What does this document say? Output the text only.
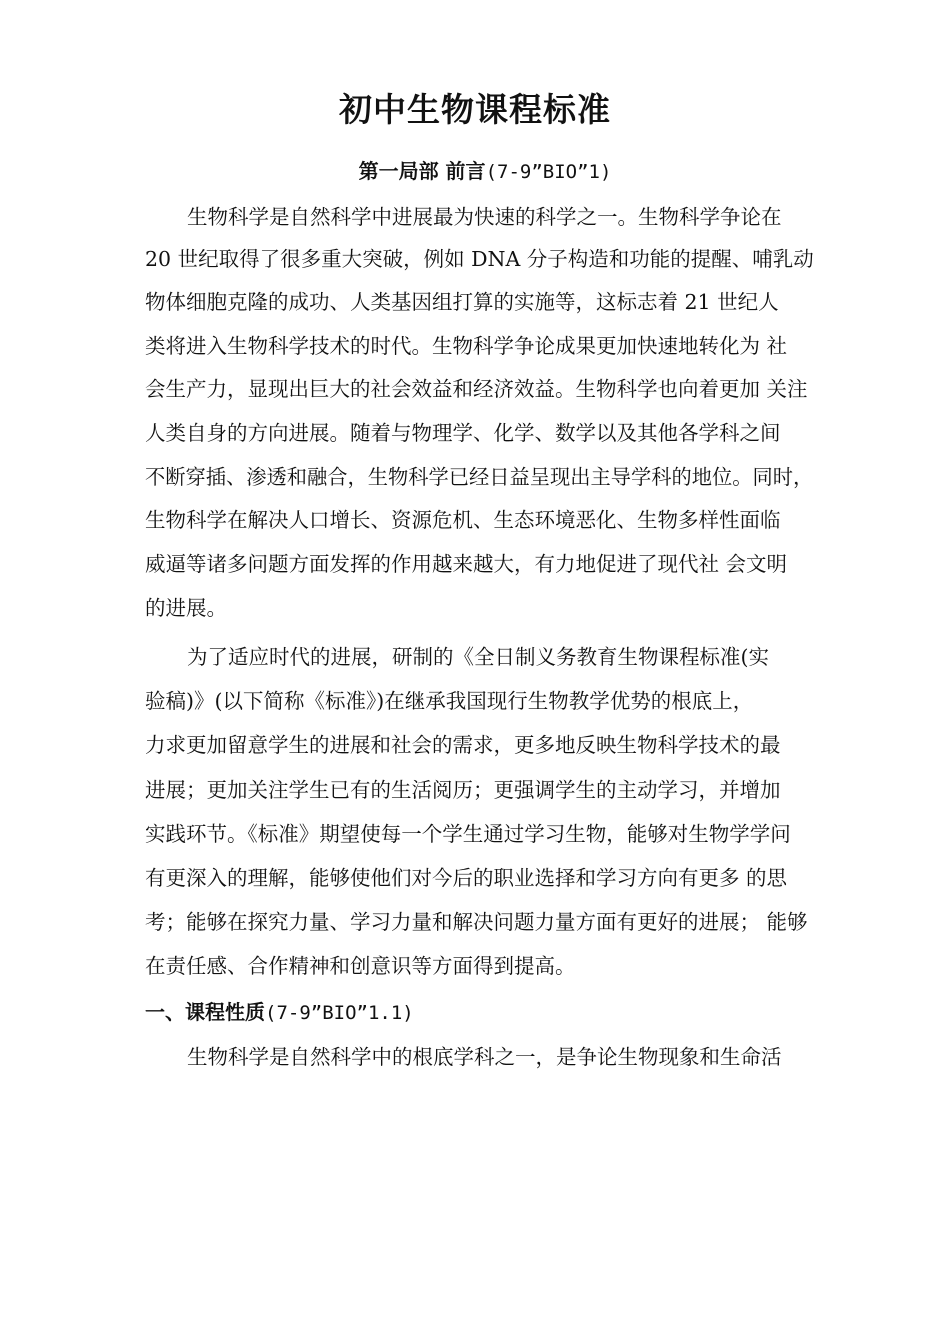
初中生物课程标准
第一局部 前言(7-9”BIO”1)
生物科学是自然科学中进展最为快速的科学之一。生物科学争论在
20 世纪取得了很多重大突破，例如 DNA 分子构造和功能的提醒、哺乳动
物体细胞克隆的成功、人类基因组打算的实施等，这标志着 21 世纪人
类将进入生物科学技术的时代。生物科学争论成果更加快速地转化为 社
会生产力，显现出巨大的社会效益和经济效益。生物科学也向着更加 关注
人类自身的方向进展。随着与物理学、化学、数学以及其他各学科之间
不断穿插、渗透和融合，生物科学已经日益呈现出主导学科的地位。同时，
生物科学在解决人口增长、资源危机、生态环境恶化、生物多样性面临
威逼等诸多问题方面发挥的作用越来越大，有力地促进了现代社 会文明
的进展。
为了适应时代的进展，研制的《全日制义务教育生物课程标准(实
验稿)》(以下简称《标准》)在继承我国现行生物教学优势的根底上，
力求更加留意学生的进展和社会的需求，更多地反映生物科学技术的最
进展；更加关注学生已有的生活阅历；更强调学生的主动学习，并增加
实践环节。《标准》期望使每一个学生通过学习生物，能够对生物学学问
有更深入的理解，能够使他们对今后的职业选择和学习方向有更多 的思
考；能够在探究力量、学习力量和解决问题力量方面有更好的进展； 能够
在责任感、合作精神和创意识等方面得到提高。
一、课程性质(7-9”BIO”1.1)
生物科学是自然科学中的根底学科之一，是争论生物现象和生命活
